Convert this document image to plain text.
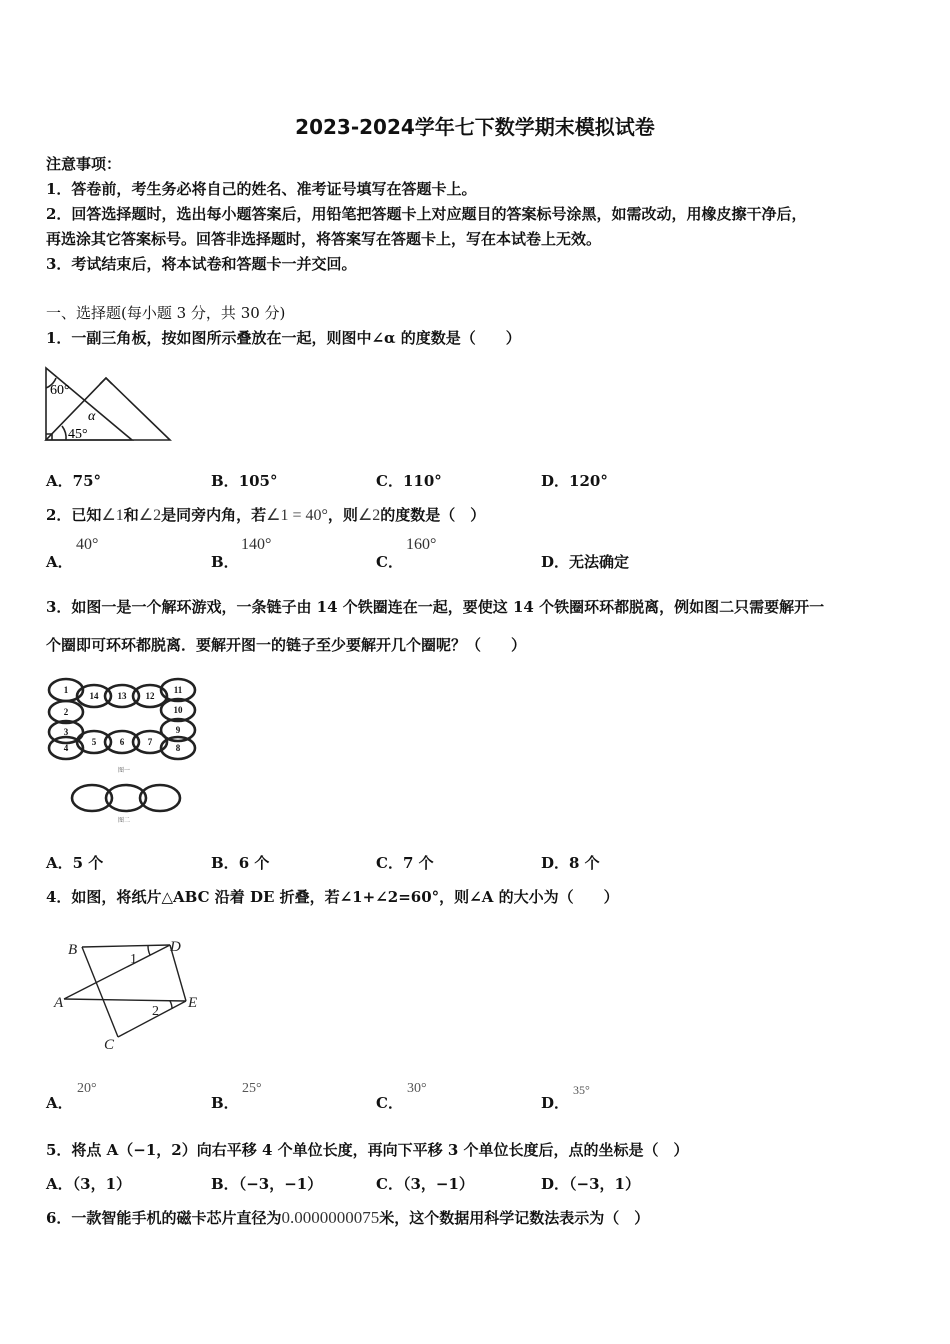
2023-2024学年七下数学期末模拟试卷
注意事项：
1．答卷前，考生务必将自己的姓名、准考证号填写在答题卡上。
2．回答选择题时，选出每小题答案后，用铅笔把答题卡上对应题目的答案标号涂黑，如需改动，用橡皮擦干净后，
再选涂其它答案标号。回答非选择题时，将答案写在答题卡上，写在本试卷上无效。
3．考试结束后，将本试卷和答题卡一并交回。
一、选择题(每小题 3 分，共 30 分)
1．一副三角板，按如图所示叠放在一起，则图中∠α 的度数是（　　）
60°
45°
α
A．75°	B．105°	C．110°	D．120°
2．已知∠1和∠2是同旁内角，若∠1 = 40°，则∠2的度数是（　）
A．
40°
B．
140°
C．
160°
D．无法确定
3．如图一是一个解环游戏，一条链子由 14 个铁圈连在一起，要使这 14 个铁圈环环都脱离，例如图二只需要解开一
个圈即可环环都脱离．要解开图一的链子至少要解开几个圈呢？（　　）
1
14 13 12
11
10
2
9
3
4
5	6	7
8
图一
图二
A．5 个	B．6 个	C．7 个	D．8 个
4．如图，将纸片△ABC 沿着 DE 折叠，若∠1+∠2=60°，则∠A 的大小为（　　）
B	D
A	E
C
1
2
A．
20°
B．
25°
C．
30°
D．
35°
5．将点 A（−1，2）向右平移 4 个单位长度，再向下平移 3 个单位长度后，点的坐标是（　）
A．（3，1）	B．（−3，−1）	C．（3，−1）	D．（−3，1）
6．一款智能手机的磁卡芯片直径为0.0000000075米，这个数据用科学记数法表示为（　）
